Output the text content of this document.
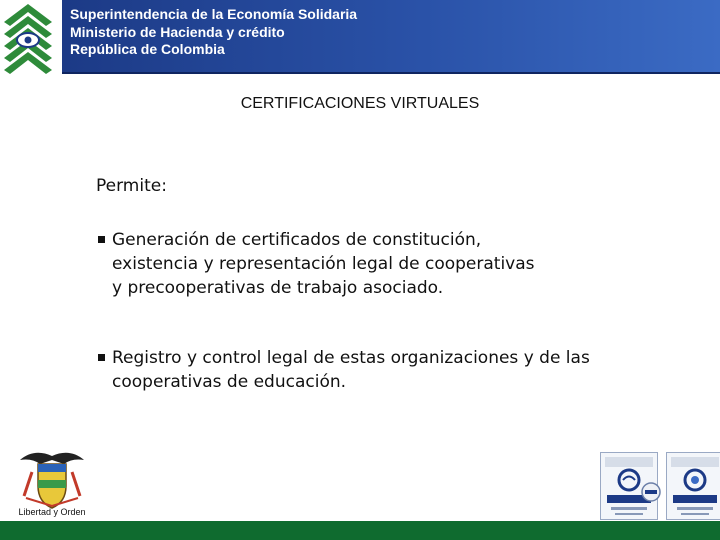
Superintendencia de la Economía Solidaria
Ministerio de Hacienda y crédito
República de Colombia
CERTIFICACIONES VIRTUALES
Permite:
Generación de certificados de constitución, existencia y representación legal de cooperativas y precooperativas de trabajo asociado.
Registro y control legal de estas organizaciones y de las cooperativas de educación.
Libertad y Orden
